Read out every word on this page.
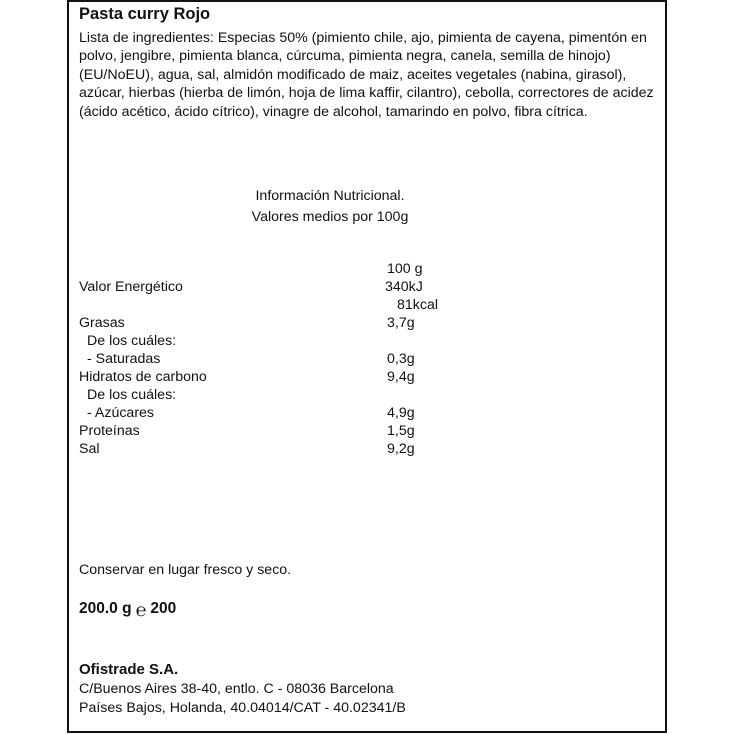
Pasta curry Rojo
Lista de ingredientes: Especias 50% (pimiento chile, ajo, pimienta de cayena, pimentón en polvo, jengibre, pimienta blanca, cúrcuma, pimienta negra, canela, semilla de hinojo) (EU/NoEU), agua, sal, almidón modificado de maiz, aceites vegetales (nabina, girasol), azúcar, hierbas (hierba de limón, hoja de lima kaffir, cilantro), cebolla, correctores de acidez (ácido acético, ácido cítrico), vinagre de alcohol, tamarindo en polvo, fibra cítrica.
Información Nutricional.
Valores medios por 100g
100 g
Valor Energético	340kJ
81kcal
Grasas	3,7g
De los cuáles:
- Saturadas	0,3g
Hidratos de carbono	9,4g
De los cuáles:
- Azúcares	4,9g
Proteínas	1,5g
Sal	9,2g
Conservar en lugar fresco y seco.
200.0 g ℮ 200
Ofistrade S.A.
C/Buenos Aires 38-40, entlo. C - 08036 Barcelona
Países Bajos, Holanda, 40.04014/CAT - 40.02341/B
